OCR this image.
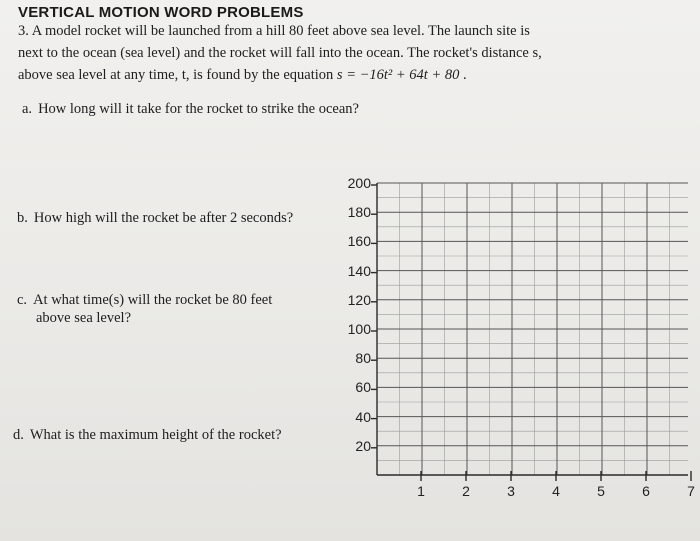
VERTICAL MOTION WORD PROBLEMS
3. A model rocket will be launched from a hill 80 feet above sea level. The launch site is
next to the ocean (sea level) and the rocket will fall into the ocean. The rocket's distance s,
above sea level at any time, t, is found by the equation s = −16t² + 64t + 80 .
a. How long will it take for the rocket to strike the ocean?
b. How high will the rocket be after 2 seconds?
c. At what time(s) will the rocket be 80 feet
above sea level?
d. What is the maximum height of the rocket?
200
180
160
140
120
100
80
60
40
20
1	2	3	4	5	6	7
